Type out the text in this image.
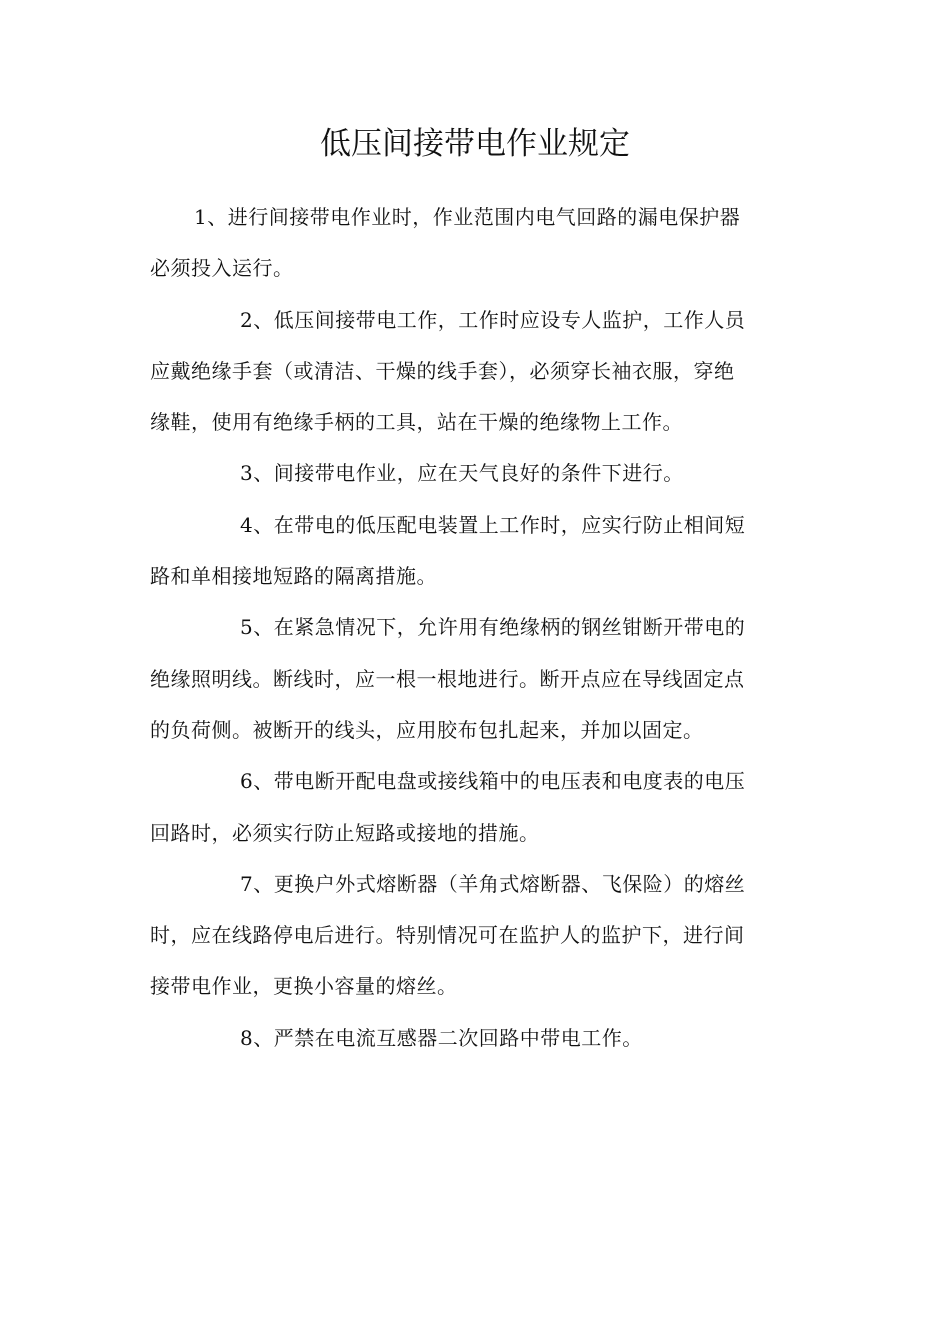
低压间接带电作业规定

1、进行间接带电作业时，作业范围内电气回路的漏电保护器

必须投入运行。

2、低压间接带电工作，工作时应设专人监护，工作人员

应戴绝缘手套（或清洁、干燥的线手套），必须穿长袖衣服，穿绝

缘鞋，使用有绝缘手柄的工具，站在干燥的绝缘物上工作。

3、间接带电作业，应在天气良好的条件下进行。

4、在带电的低压配电装置上工作时，应实行防止相间短

路和单相接地短路的隔离措施。

5、在紧急情况下，允许用有绝缘柄的钢丝钳断开带电的

绝缘照明线。断线时，应一根一根地进行。断开点应在导线固定点

的负荷侧。被断开的线头，应用胶布包扎起来，并加以固定。

6、带电断开配电盘或接线箱中的电压表和电度表的电压

回路时，必须实行防止短路或接地的措施。

7、更换户外式熔断器（羊角式熔断器、飞保险）的熔丝

时，应在线路停电后进行。特别情况可在监护人的监护下，进行间

接带电作业，更换小容量的熔丝。

8、严禁在电流互感器二次回路中带电工作。
